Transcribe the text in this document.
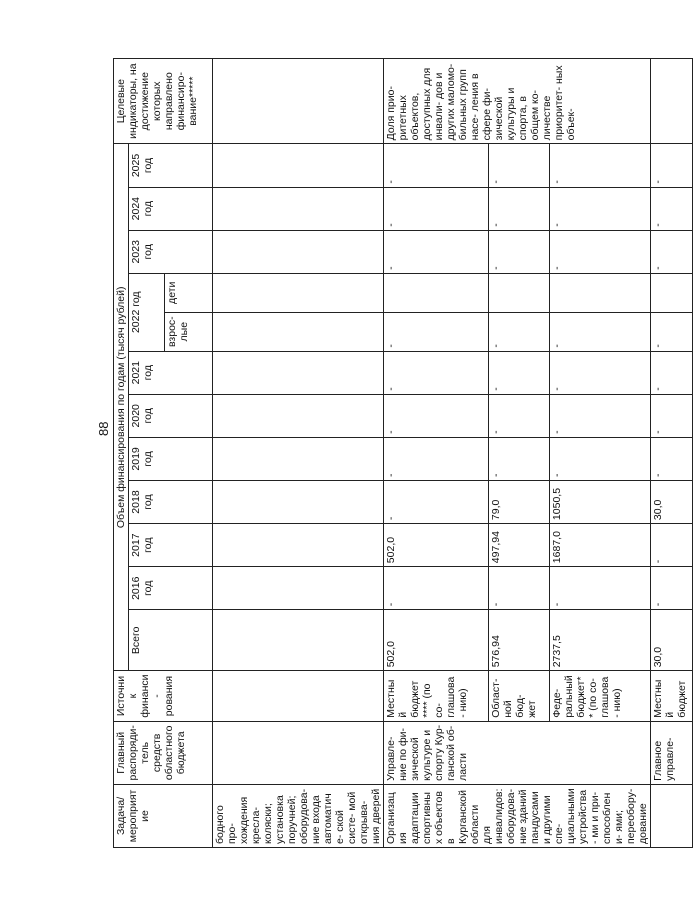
88
Задача/ мероприятие	Главный распоряди- тель средств областного бюджета	Источник финанси- рования	Объем финансирования по годам (тысяч рублей)												Целевые индикаторы, на достижение которых направлено финансиро- вание*****
			Всего	2016 год	2017 год	2018 год	2019 год	2020 год	2021 год	2022 год		2023 год	2024 год	2025 год	
										взрос- лые	дети				
бодного про- хождения кресла- коляски; установка поручней; оборудова- ние входа автоматиче- ской систе- мой открыва- ния дверей															
Организация адаптации спортивных объектов в Курганской области для инвалидов: оборудова- ние зданий пандусами и другими спе- циальными устройства- ми и при- способлени- ями; переобору- дование	Управле- ние по фи- зической культуре и спорту Кур- ганской об- ласти	Местный бюджет **** (по со- глашова- нию)	502,0	-	502,0	-	-	-	-	-		-	-	-	Доля прио- ритетных объектов, доступных для инвали- дов и других маломо- бильных групп насе- ления в сфере фи- зической культуры и спорта, в общем ко- личестве приоритет- ных объек-
		Област- ной бюд- жет	576,94	-	497,94	79,0	-	-	-	-		-	-	-	
		Феде- ральный бюджет** (по со- глашова- нию)	2737,5	-	1687,0	1050,5	-	-	-	-		-	-	-	
	Главное управле-	Местный бюджет	30,0	-	-	30,0	-	-	-	-		-	-	-	
